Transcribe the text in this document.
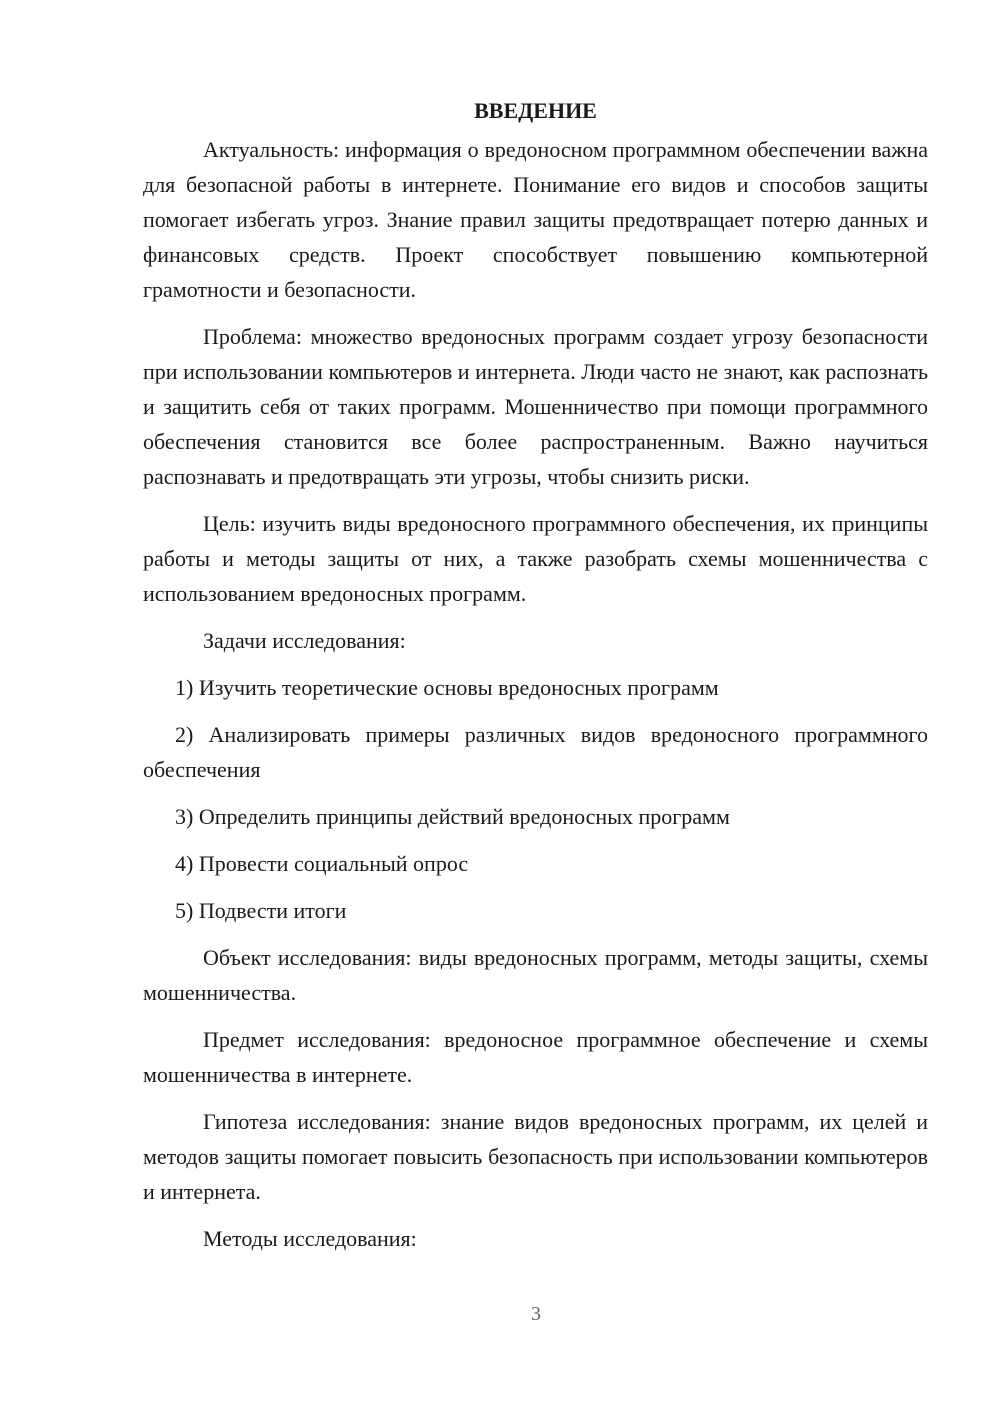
ВВЕДЕНИЕ

Актуальность: информация о вредоносном программном обеспечении важна для безопасной работы в интернете. Понимание его видов и способов защиты помогает избегать угроз. Знание правил защиты предотвращает потерю данных и финансовых средств. Проект способствует повышению компьютерной грамотности и безопасности.

Проблема: множество вредоносных программ создает угрозу безопасности при использовании компьютеров и интернета. Люди часто не знают, как распознать и защитить себя от таких программ. Мошенничество при помощи программного обеспечения становится все более распространенным. Важно научиться распознавать и предотвращать эти угрозы, чтобы снизить риски.

Цель: изучить виды вредоносного программного обеспечения, их принципы работы и методы защиты от них, а также разобрать схемы мошенничества с использованием вредоносных программ.

Задачи исследования:

1) Изучить теоретические основы вредоносных программ

2) Анализировать примеры различных видов вредоносного программного обеспечения

3) Определить принципы действий вредоносных программ

4) Провести социальный опрос

5) Подвести итоги

Объект исследования: виды вредоносных программ, методы защиты, схемы мошенничества.

Предмет исследования: вредоносное программное обеспечение и схемы мошенничества в интернете.

Гипотеза исследования: знание видов вредоносных программ, их целей и методов защиты помогает повысить безопасность при использовании компьютеров и интернета.

Методы исследования:

3
